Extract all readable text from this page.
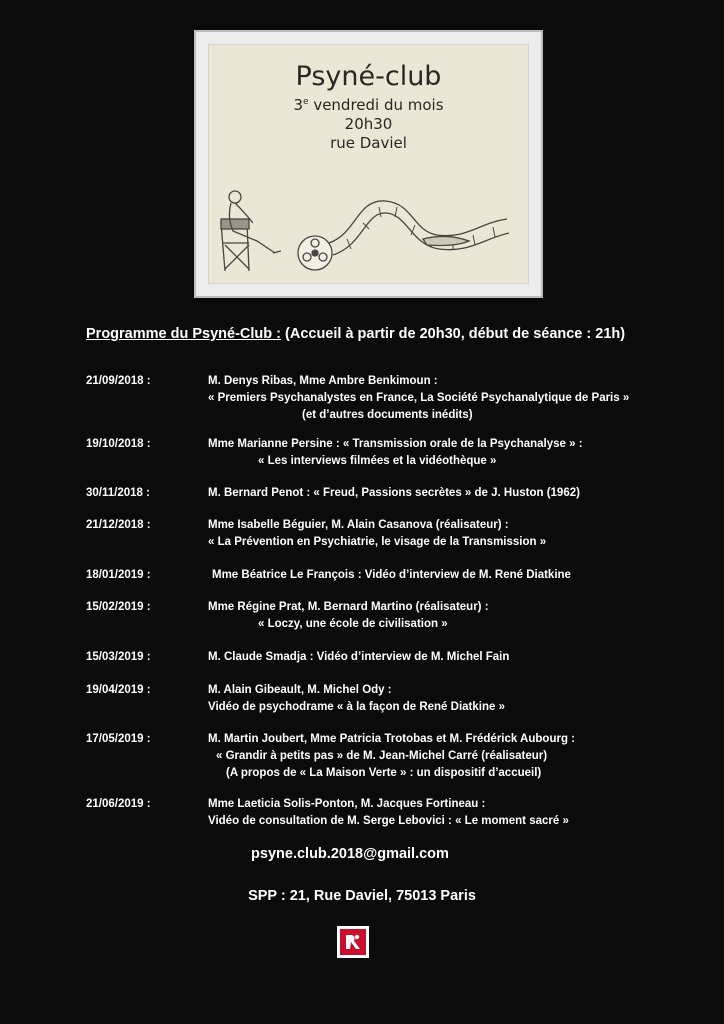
Psyné-club
3e vendredi du mois
20h30
rue Daviel
Programme du Psyné-Club : (Accueil à partir de 20h30, début de séance : 21h)
21/09/2018 :	M. Denys Ribas, Mme Ambre Benkimoun :
« Premiers Psychanalystes en France, La Société Psychanalytique de Paris »
(et d’autres documents inédits)
19/10/2018 :	Mme Marianne Persine : « Transmission orale de la Psychanalyse » :
« Les interviews filmées et la vidéothèque »
30/11/2018 :	M. Bernard Penot : « Freud, Passions secrètes » de J. Huston (1962)
21/12/2018 :	Mme Isabelle Béguier, M. Alain Casanova (réalisateur) :
« La Prévention en Psychiatrie, le visage de la Transmission »
18/01/2019 :	Mme Béatrice Le François : Vidéo d’interview de M. René Diatkine
15/02/2019 :	Mme Régine Prat, M. Bernard Martino (réalisateur) :
« Loczy, une école de civilisation »
15/03/2019 :	M. Claude Smadja : Vidéo d’interview de M. Michel Fain
19/04/2019 :	M. Alain Gibeault, M. Michel Ody :
Vidéo de psychodrame « à la façon de René Diatkine »
17/05/2019 :	M. Martin Joubert, Mme Patricia Trotobas et M. Frédérick Aubourg :
« Grandir à petits pas » de M. Jean-Michel Carré (réalisateur)
(A propos de « La Maison Verte » : un dispositif d’accueil)
21/06/2019 :	Mme Laeticia Solis-Ponton, M. Jacques Fortineau :
Vidéo de consultation de M. Serge Lebovici : « Le moment sacré »
psyne.club.2018@gmail.com
SPP : 21, Rue Daviel, 75013 Paris
